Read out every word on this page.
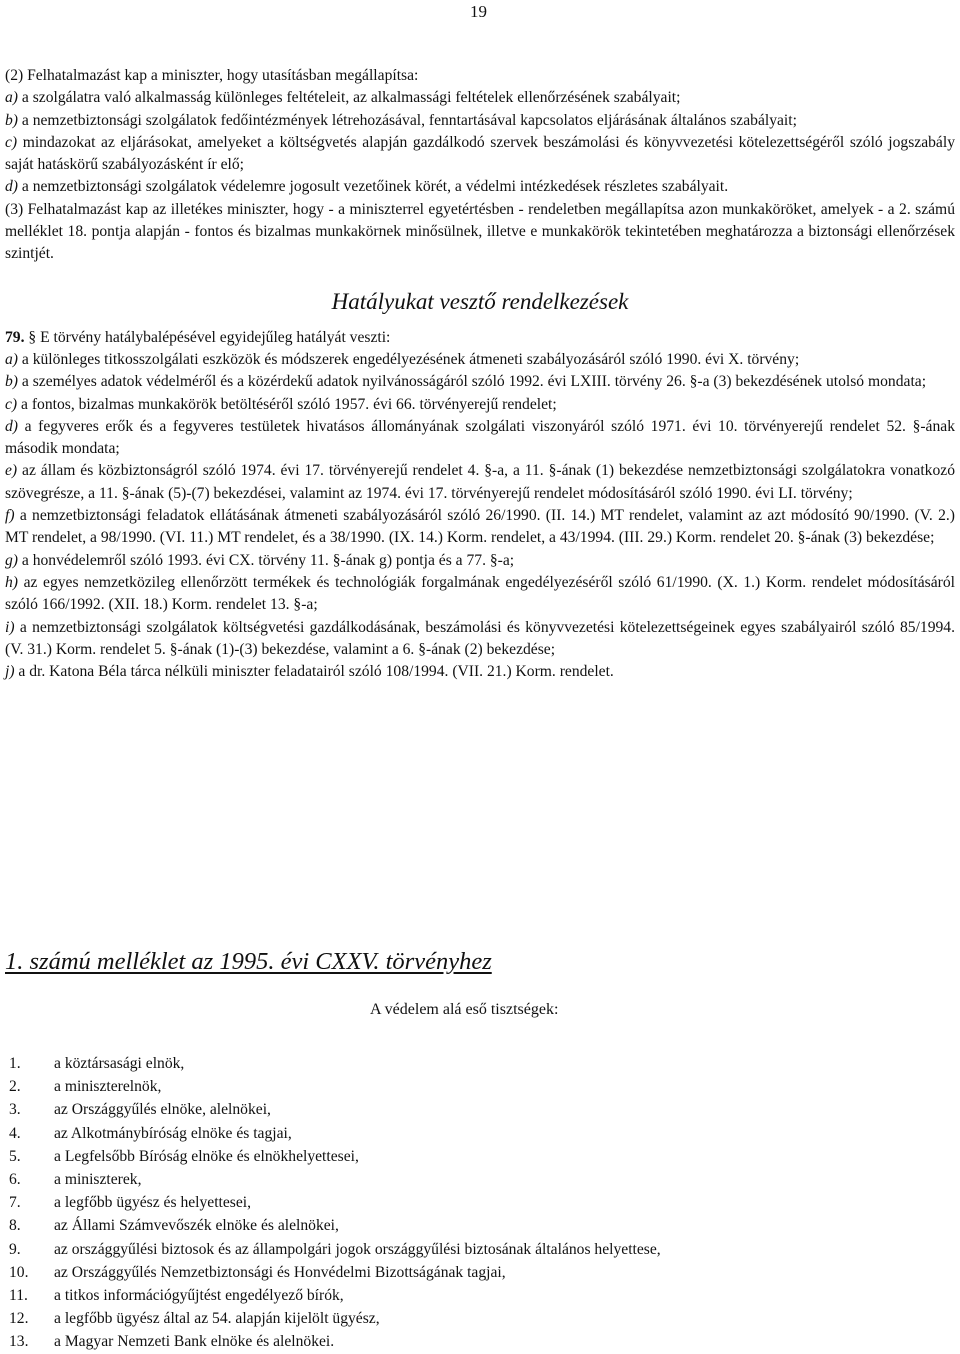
19

(2) Felhatalmazást kap a miniszter, hogy utasításban megállapítsa:

a) a szolgálatra való alkalmasság különleges feltételeit, az alkalmassági feltételek ellenőrzésének szabályait;

b) a nemzetbiztonsági szolgálatok fedőintézmények létrehozásával, fenntartásával kapcsolatos eljárásának általános szabályait;

c) mindazokat az eljárásokat, amelyeket a költségvetés alapján gazdálkodó szervek beszámolási és könyvvezetési kötelezettségéről szóló jogszabály saját hatáskörű szabályozásként ír elő;

d) a nemzetbiztonsági szolgálatok védelemre jogosult vezetőinek körét, a védelmi intézkedések részletes szabályait.

(3) Felhatalmazást kap az illetékes miniszter, hogy - a miniszterrel egyetértésben - rendeletben megállapítsa azon munkaköröket, amelyek - a 2. számú melléklet 18. pontja alapján - fontos és bizalmas munkakörnek minősülnek, illetve e munkakörök tekintetében meghatározza a biztonsági ellenőrzések szintjét.

Hatályukat vesztő rendelkezések

79. § E törvény hatálybalépésével egyidejűleg hatályát veszti:

a) a különleges titkosszolgálati eszközök és módszerek engedélyezésének átmeneti szabályozásáról szóló 1990. évi X. törvény;

b) a személyes adatok védelméről és a közérdekű adatok nyilvánosságáról szóló 1992. évi LXIII. törvény 26. §-a (3) bekezdésének utolsó mondata;

c) a fontos, bizalmas munkakörök betöltéséről szóló 1957. évi 66. törvényerejű rendelet;

d) a fegyveres erők és a fegyveres testületek hivatásos állományának szolgálati viszonyáról szóló 1971. évi 10. törvényerejű rendelet 52. §-ának második mondata;

e) az állam és közbiztonságról szóló 1974. évi 17. törvényerejű rendelet 4. §-a, a 11. §-ának (1) bekezdése nemzetbiztonsági szolgálatokra vonatkozó szövegrésze, a 11. §-ának (5)-(7) bekezdései, valamint az 1974. évi 17. törvényerejű rendelet módosításáról szóló 1990. évi LI. törvény;

f) a nemzetbiztonsági feladatok ellátásának átmeneti szabályozásáról szóló 26/1990. (II. 14.) MT rendelet, valamint az azt módosító 90/1990. (V. 2.) MT rendelet, a 98/1990. (VI. 11.) MT rendelet, és a 38/1990. (IX. 14.) Korm. rendelet, a 43/1994. (III. 29.) Korm. rendelet 20. §-ának (3) bekezdése;

g) a honvédelemről szóló 1993. évi CX. törvény 11. §-ának g) pontja és a 77. §-a;

h) az egyes nemzetközileg ellenőrzött termékek és technológiák forgalmának engedélyezéséről szóló 61/1990. (X. 1.) Korm. rendelet módosításáról szóló 166/1992. (XII. 18.) Korm. rendelet 13. §-a;

i) a nemzetbiztonsági szolgálatok költségvetési gazdálkodásának, beszámolási és könyvvezetési kötelezettségeinek egyes szabályairól szóló 85/1994. (V. 31.) Korm. rendelet 5. §-ának (1)-(3) bekezdése, valamint a 6. §-ának (2) bekezdése;

j) a dr. Katona Béla tárca nélküli miniszter feladatairól szóló 108/1994. (VII. 21.) Korm. rendelet.

1. számú melléklet az 1995. évi CXXV. törvényhez
A védelem alá eső tisztségek:
1. a köztársasági elnök,
2. a miniszterelnök,
3. az Országgyűlés elnöke, alelnökei,
4. az Alkotmánybíróság elnöke és tagjai,
5. a Legfelsőbb Bíróság elnöke és elnökhelyettesei,
6. a miniszterek,
7. a legfőbb ügyész és helyettesei,
8. az Állami Számvevőszék elnöke és alelnökei,
9. az országgyűlési biztosok és az állampolgári jogok országgyűlési biztosának általános helyettese,
10. az Országgyűlés Nemzetbiztonsági és Honvédelmi Bizottságának tagjai,
11. a titkos információgyűjtést engedélyező bírók,
12. a legfőbb ügyész által az 54. alapján kijelölt ügyész,
13. a Magyar Nemzeti Bank elnöke és alelnökei.
